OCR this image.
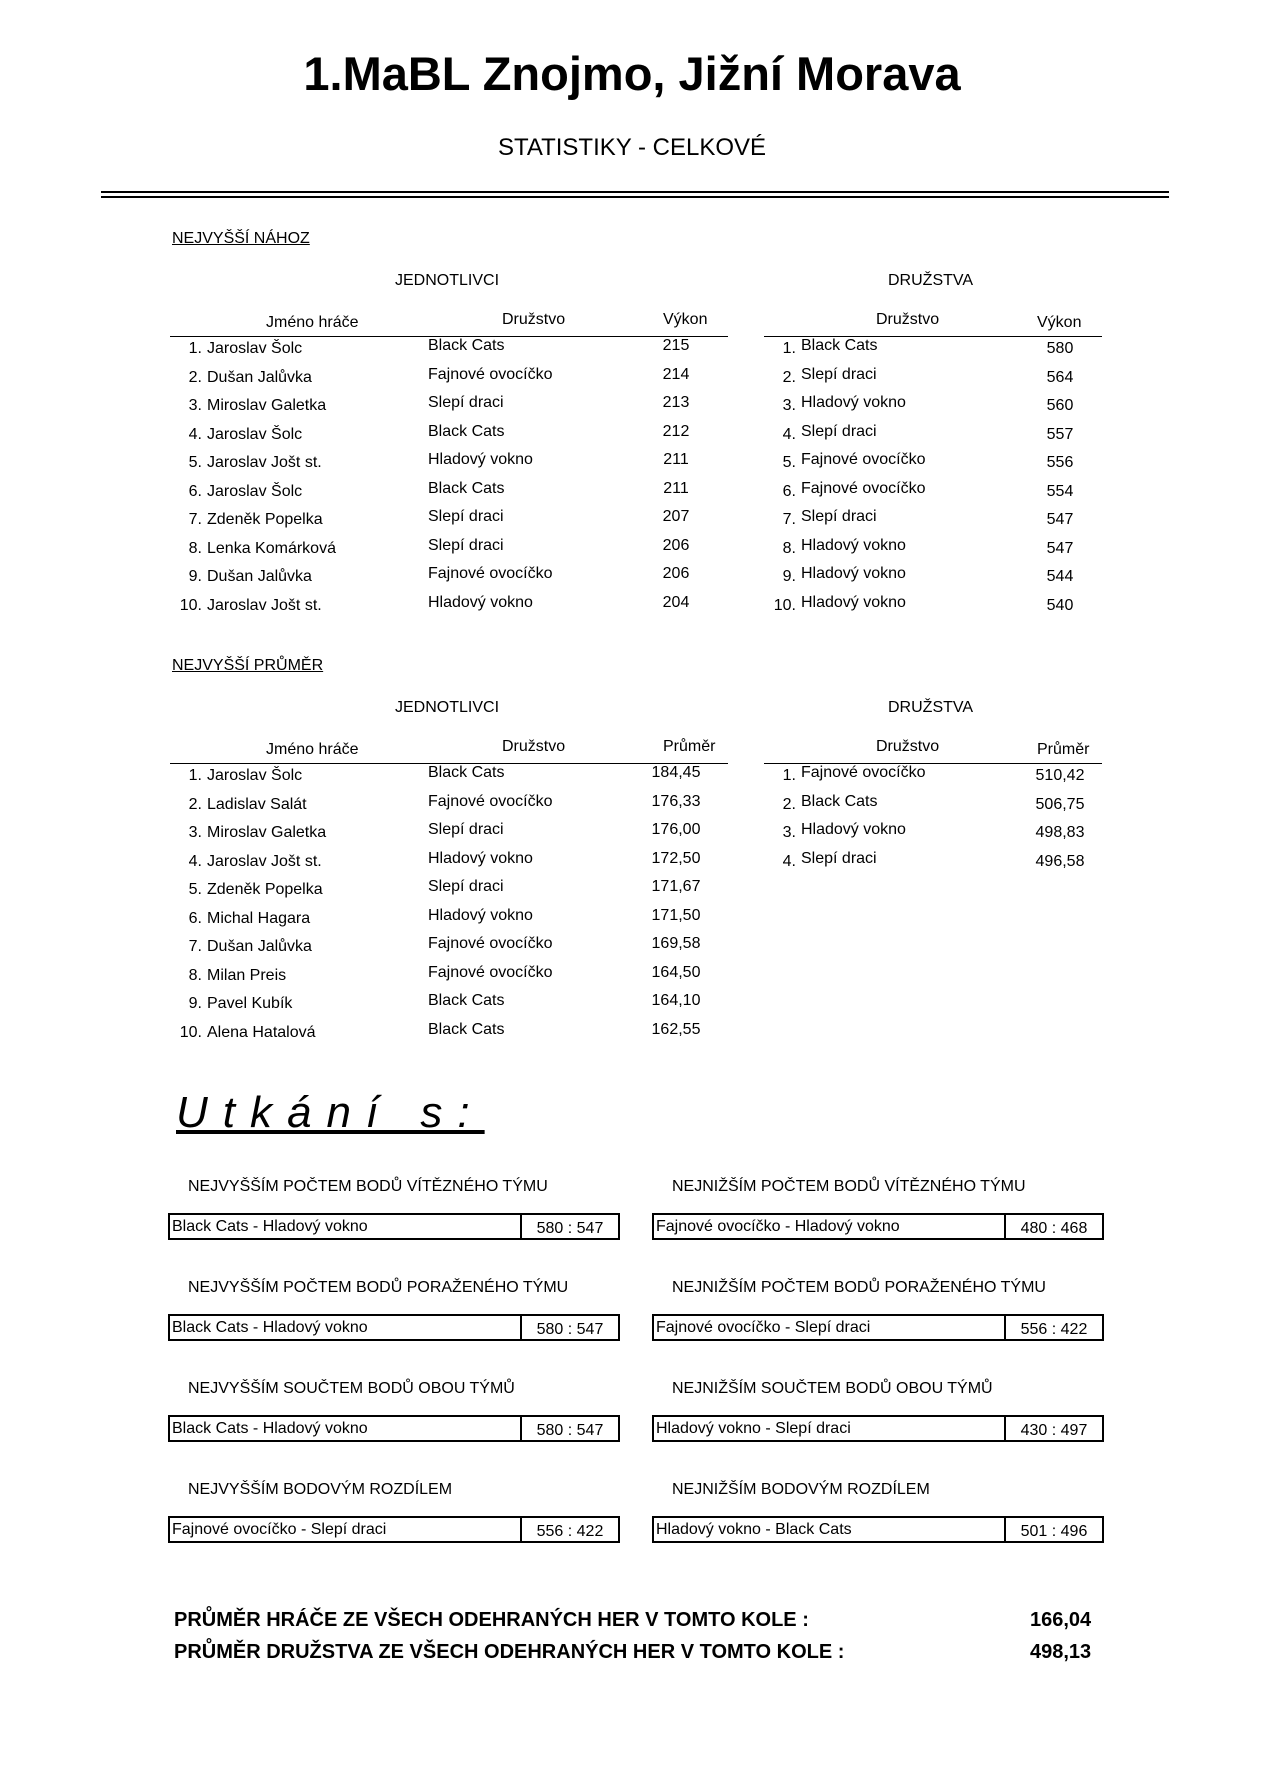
1.MaBL Znojmo, Jižní Morava
STATISTIKY - CELKOVÉ
NEJVYŠŠÍ NÁHOZ
JEDNOTLIVCI	DRUŽSTVA
Jméno hráče	Družstvo	Výkon	Družstvo	Výkon
1. Jaroslav Šolc	Black Cats	215
2. Dušan Jalůvka	Fajnové ovocíčko	214
3. Miroslav Galetka	Slepí draci	213
4. Jaroslav Šolc	Black Cats	212
5. Jaroslav Jošt st.	Hladový vokno	211
6. Jaroslav Šolc	Black Cats	211
7. Zdeněk Popelka	Slepí draci	207
8. Lenka Komárková	Slepí draci	206
9. Dušan Jalůvka	Fajnové ovocíčko	206
10. Jaroslav Jošt st.	Hladový vokno	204
1. Black Cats	580
2. Slepí draci	564
3. Hladový vokno	560
4. Slepí draci	557
5. Fajnové ovocíčko	556
6. Fajnové ovocíčko	554
7. Slepí draci	547
8. Hladový vokno	547
9. Hladový vokno	544
10. Hladový vokno	540
NEJVYŠŠÍ PRŮMĚR
JEDNOTLIVCI	DRUŽSTVA
Jméno hráče	Družstvo	Průměr	Družstvo	Průměr
1. Jaroslav Šolc	Black Cats	184,45
2. Ladislav Salát	Fajnové ovocíčko	176,33
3. Miroslav Galetka	Slepí draci	176,00
4. Jaroslav Jošt st.	Hladový vokno	172,50
5. Zdeněk Popelka	Slepí draci	171,67
6. Michal Hagara	Hladový vokno	171,50
7. Dušan Jalůvka	Fajnové ovocíčko	169,58
8. Milan Preis	Fajnové ovocíčko	164,50
9. Pavel Kubík	Black Cats	164,10
10. Alena Hatalová	Black Cats	162,55
1. Fajnové ovocíčko	510,42
2. Black Cats	506,75
3. Hladový vokno	498,83
4. Slepí draci	496,58
Utkání s:
NEJVYŠŠÍM POČTEM BODŮ VÍTĚZNÉHO TÝMU
Black Cats - Hladový vokno	580 : 547
NEJNIŽŠÍM POČTEM BODŮ VÍTĚZNÉHO TÝMU
Fajnové ovocíčko - Hladový vokno	480 : 468
NEJVYŠŠÍM POČTEM BODŮ PORAŽENÉHO TÝMU
Black Cats - Hladový vokno	580 : 547
NEJNIŽŠÍM POČTEM BODŮ PORAŽENÉHO TÝMU
Fajnové ovocíčko - Slepí draci	556 : 422
NEJVYŠŠÍM SOUČTEM BODŮ OBOU TÝMŮ
Black Cats - Hladový vokno	580 : 547
NEJNIŽŠÍM SOUČTEM BODŮ OBOU TÝMŮ
Hladový vokno - Slepí draci	430 : 497
NEJVYŠŠÍM BODOVÝM ROZDÍLEM
Fajnové ovocíčko - Slepí draci	556 : 422
NEJNIŽŠÍM BODOVÝM ROZDÍLEM
Hladový vokno - Black Cats	501 : 496
PRŮMĚR HRÁČE ZE VŠECH ODEHRANÝCH HER V TOMTO KOLE :	166,04
PRŮMĚR DRUŽSTVA ZE VŠECH ODEHRANÝCH HER V TOMTO KOLE :	498,13
